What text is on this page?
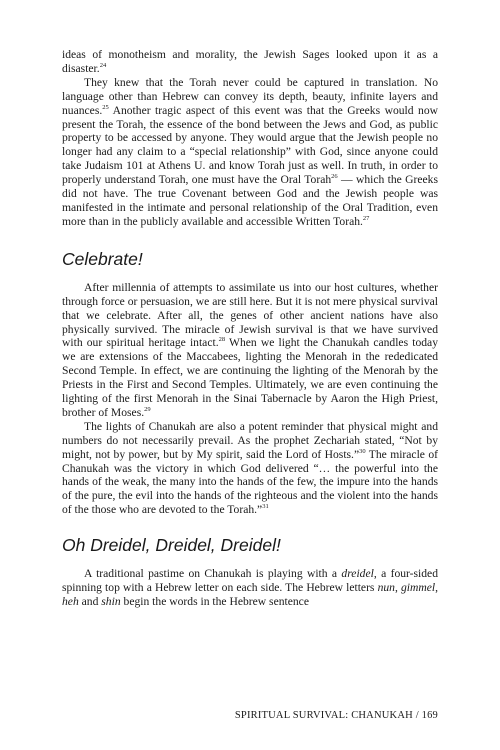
ideas of monotheism and morality, the Jewish Sages looked upon it as a disaster.$^{24}$

They knew that the Torah never could be captured in translation. No language other than Hebrew can convey its depth, beauty, infinite layers and nuances.$^{25}$ Another tragic aspect of this event was that the Greeks would now present the Torah, the essence of the bond between the Jews and God, as public property to be accessed by anyone. They would argue that the Jewish people no longer had any claim to a “special relationship” with God, since anyone could take Judaism 101 at Athens U. and know Torah just as well. In truth, in order to properly understand Torah, one must have the Oral Torah$^{26}$ — which the Greeks did not have. The true Covenant between God and the Jewish people was manifested in the intimate and personal relationship of the Oral Tradition, even more than in the publicly available and accessible Written Torah.$^{27}$

Celebrate!

After millennia of attempts to assimilate us into our host cultures, whether through force or persuasion, we are still here. But it is not mere physical survival that we celebrate. After all, the genes of other ancient nations have also physically survived. The miracle of Jewish survival is that we have survived with our spiritual heritage intact.$^{28}$ When we light the Chanukah candles today we are extensions of the Maccabees, lighting the Menorah in the rededicated Second Temple. In effect, we are continuing the lighting of the Menorah by the Priests in the First and Second Temples. Ultimately, we are even continuing the lighting of the first Menorah in the Sinai Tabernacle by Aaron the High Priest, brother of Moses.$^{29}$

The lights of Chanukah are also a potent reminder that physical might and numbers do not necessarily prevail. As the prophet Zechariah stated, “Not by might, not by power, but by My spirit, said the Lord of Hosts.”$^{30}$ The miracle of Chanukah was the victory in which God delivered “… the powerful into the hands of the weak, the many into the hands of the few, the impure into the hands of the pure, the evil into the hands of the righteous and the violent into the hands of the those who are devoted to the Torah.”$^{31}$

Oh Dreidel, Dreidel, Dreidel!

A traditional pastime on Chanukah is playing with a dreidel, a four-sided spinning top with a Hebrew letter on each side. The Hebrew letters nun, gimmel, heh and shin begin the words in the Hebrew sentence

SPIRITUAL SURVIVAL: CHANUKAH / 169
